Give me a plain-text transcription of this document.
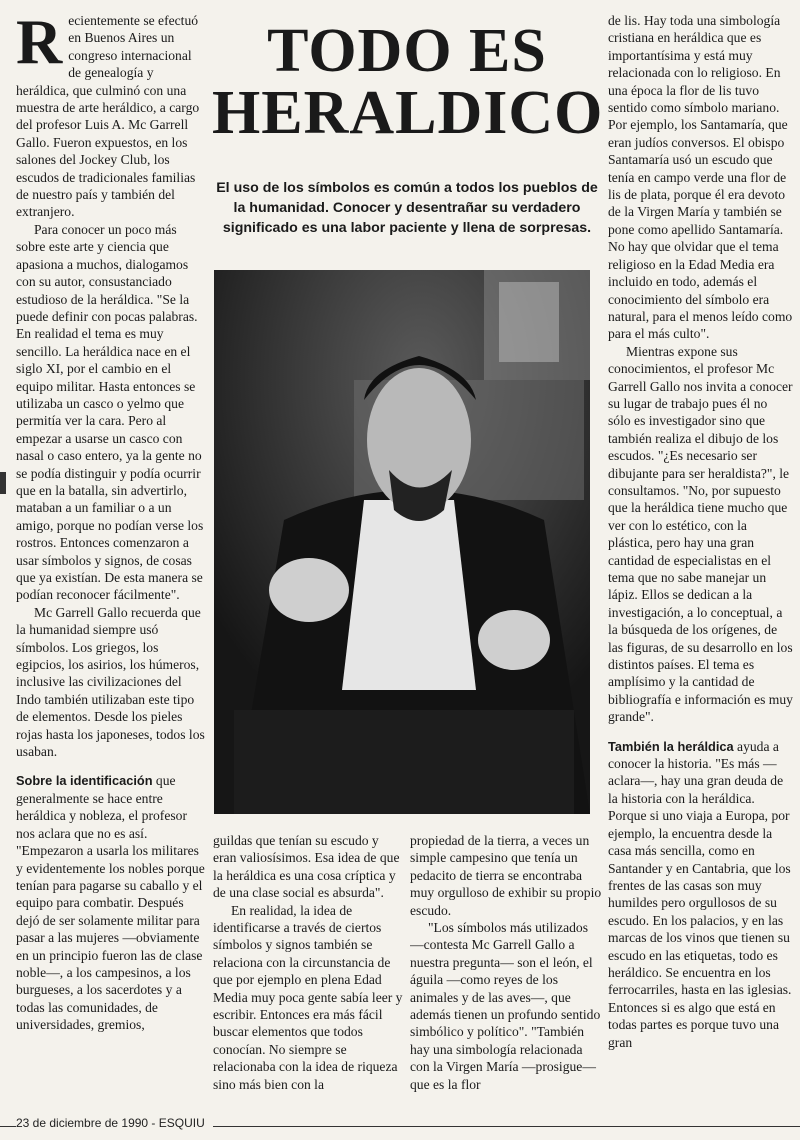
TODO ES
HERALDICO

El uso de los símbolos es común a todos los pueblos de la humanidad. Conocer y desentrañar su verdadero significado es una labor paciente y llena de sorpresas.

Recientemente se efectuó en Buenos Aires un congreso internacional de genealogía y heráldica, que culminó con una muestra de arte heráldico, a cargo del profesor Luis A. Mc Garrell Gallo. Fueron expuestos, en los salones del Jockey Club, los escudos de tradicionales familias de nuestro país y también del extranjero.

Para conocer un poco más sobre este arte y ciencia que apasiona a muchos, dialogamos con su autor, consustanciado estudioso de la heráldica. "Se la puede definir con pocas palabras. En realidad el tema es muy sencillo. La heráldica nace en el siglo XI, por el cambio en el equipo militar. Hasta entonces se utilizaba un casco o yelmo que permitía ver la cara. Pero al empezar a usarse un casco con nasal o caso entero, ya la gente no se podía distinguir y podía ocurrir que en la batalla, sin advertirlo, mataban a un familiar o a un amigo, porque no podían verse los rostros. Entonces comenzaron a usar símbolos y signos, de cosas que ya existían. De esta manera se podían reconocer fácilmente".

Mc Garrell Gallo recuerda que la humanidad siempre usó símbolos. Los griegos, los egipcios, los asirios, los húmeros, inclusive las civilizaciones del Indo también utilizaban este tipo de elementos. Desde los pieles rojas hasta los japoneses, todos los usaban.

Sobre la identificación que generalmente se hace entre heráldica y nobleza, el profesor nos aclara que no es así. "Empezaron a usarla los militares y evidentemente los nobles porque tenían para pagarse su caballo y el equipo para combatir. Después dejó de ser solamente militar para pasar a las mujeres —obviamente en un principio fueron las de clase noble—, a los campesinos, a los burgueses, a los sacerdotes y a todas las comunidades, de universidades, gremios,

guildas que tenían su escudo y eran valiosísimos. Esa idea de que la heráldica es una cosa críptica y de una clase social es absurda".

En realidad, la idea de identificarse a través de ciertos símbolos y signos también se relaciona con la circunstancia de que por ejemplo en plena Edad Media muy poca gente sabía leer y escribir. Entonces era más fácil buscar elementos que todos conocían. No siempre se relacionaba con la idea de riqueza sino más bien con la

propiedad de la tierra, a veces un simple campesino que tenía un pedacito de tierra se encontraba muy orgulloso de exhibir su propio escudo.

"Los símbolos más utilizados —contesta Mc Garrell Gallo a nuestra pregunta— son el león, el águila —como reyes de los animales y de las aves—, que además tienen un profundo sentido simbólico y político". "También hay una simbología relacionada con la Virgen María —prosigue— que es la flor

de lis. Hay toda una simbología cristiana en heráldica que es importantísima y está muy relacionada con lo religioso. En una época la flor de lis tuvo sentido como símbolo mariano. Por ejemplo, los Santamaría, que eran judíos conversos. El obispo Santamaría usó un escudo que tenía en campo verde una flor de lis de plata, porque él era devoto de la Virgen María y también se pone como apellido Santamaría. No hay que olvidar que el tema religioso en la Edad Media era incluido en todo, además el conocimiento del símbolo era natural, para el menos leído como para el más culto".

Mientras expone sus conocimientos, el profesor Mc Garrell Gallo nos invita a conocer su lugar de trabajo pues él no sólo es investigador sino que también realiza el dibujo de los escudos. "¿Es necesario ser dibujante para ser heraldista?", le consultamos. "No, por supuesto que la heráldica tiene mucho que ver con lo estético, con la plástica, pero hay una gran cantidad de especialistas en el tema que no sabe manejar un lápiz. Ellos se dedican a la investigación, a lo conceptual, a la búsqueda de los orígenes, de las figuras, de su desarrollo en los distintos países. El tema es amplísimo y la cantidad de bibliografía e información es muy grande".

También la heráldica ayuda a conocer la historia. "Es más —aclara—, hay una gran deuda de la historia con la heráldica. Porque si uno viaja a Europa, por ejemplo, la encuentra desde la casa más sencilla, como en Santander y en Cantabria, que los frentes de las casas son muy humildes pero orgullosos de su escudo. En los palacios, y en las marcas de los vinos que tienen su escudo en las etiquetas, todo es heráldico. Se encuentra en los ferrocarriles, hasta en las iglesias. Entonces si es algo que está en todas partes es porque tuvo una gran

23 de diciembre de 1990 - ESQUIU
